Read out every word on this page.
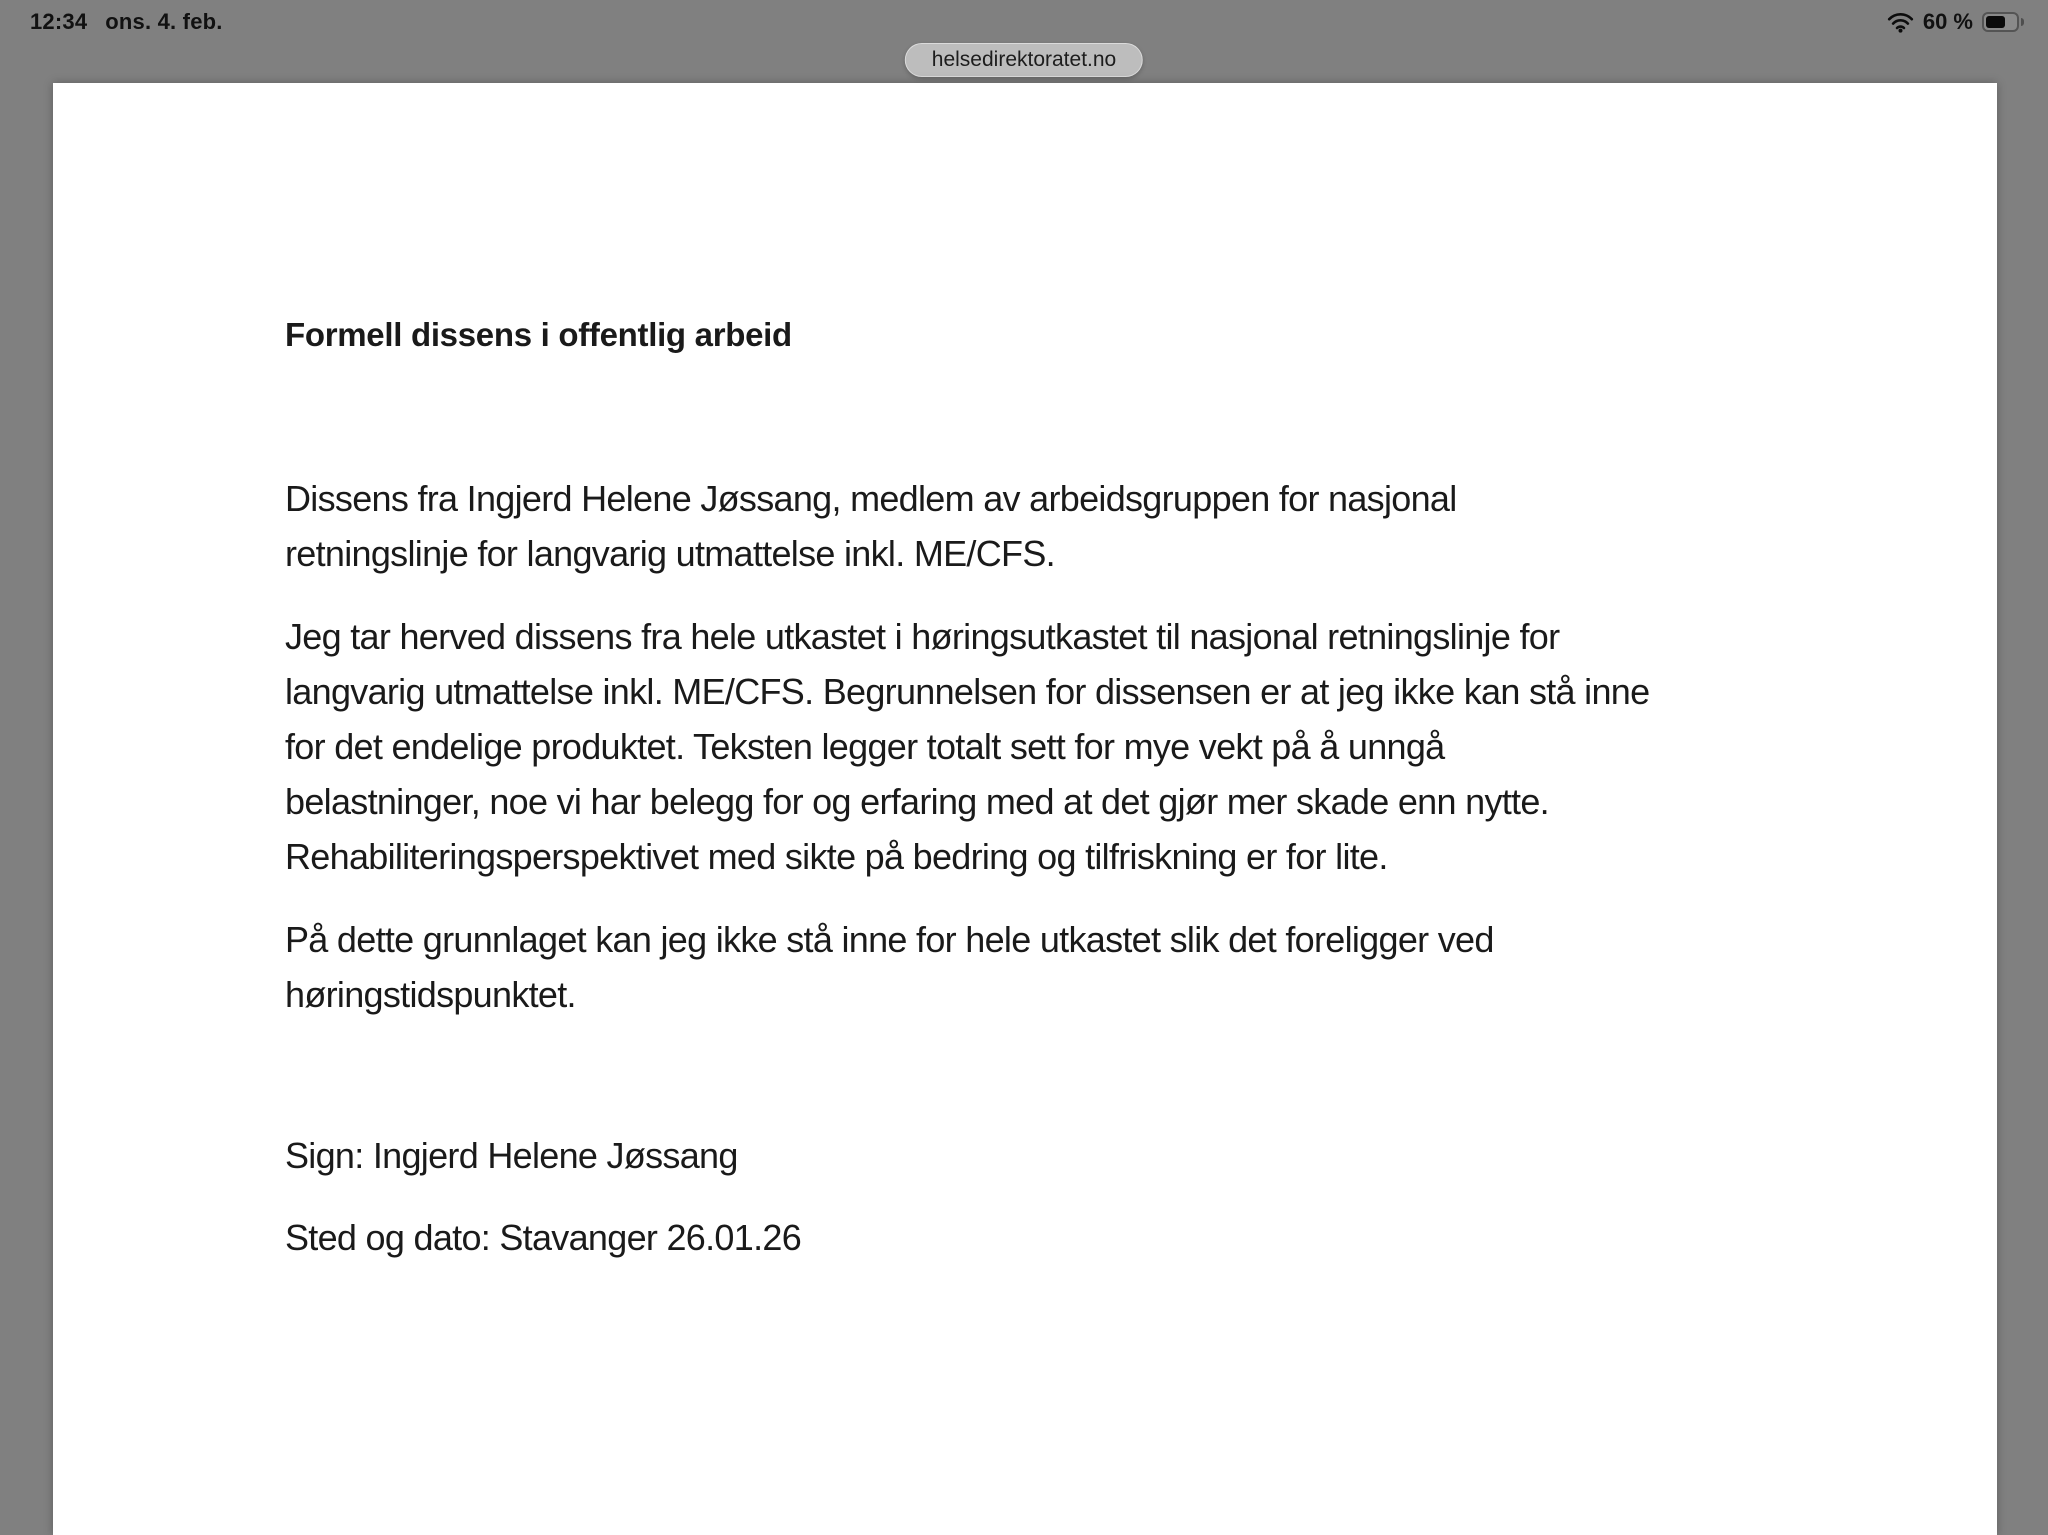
12:34 ons. 4. feb.	60 %
helsedirektoratet.no
Formell dissens i offentlig arbeid
Dissens fra Ingjerd Helene Jøssang, medlem av arbeidsgruppen for nasjonal
retningslinje for langvarig utmattelse inkl. ME/CFS.
Jeg tar herved dissens fra hele utkastet i høringsutkastet til nasjonal retningslinje for
langvarig utmattelse inkl. ME/CFS. Begrunnelsen for dissensen er at jeg ikke kan stå inne
for det endelige produktet. Teksten legger totalt sett for mye vekt på å unngå
belastninger, noe vi har belegg for og erfaring med at det gjør mer skade enn nytte.
Rehabiliteringsperspektivet med sikte på bedring og tilfriskning er for lite.
På dette grunnlaget kan jeg ikke stå inne for hele utkastet slik det foreligger ved
høringstidspunktet.
Sign: Ingjerd Helene Jøssang
Sted og dato: Stavanger 26.01.26
